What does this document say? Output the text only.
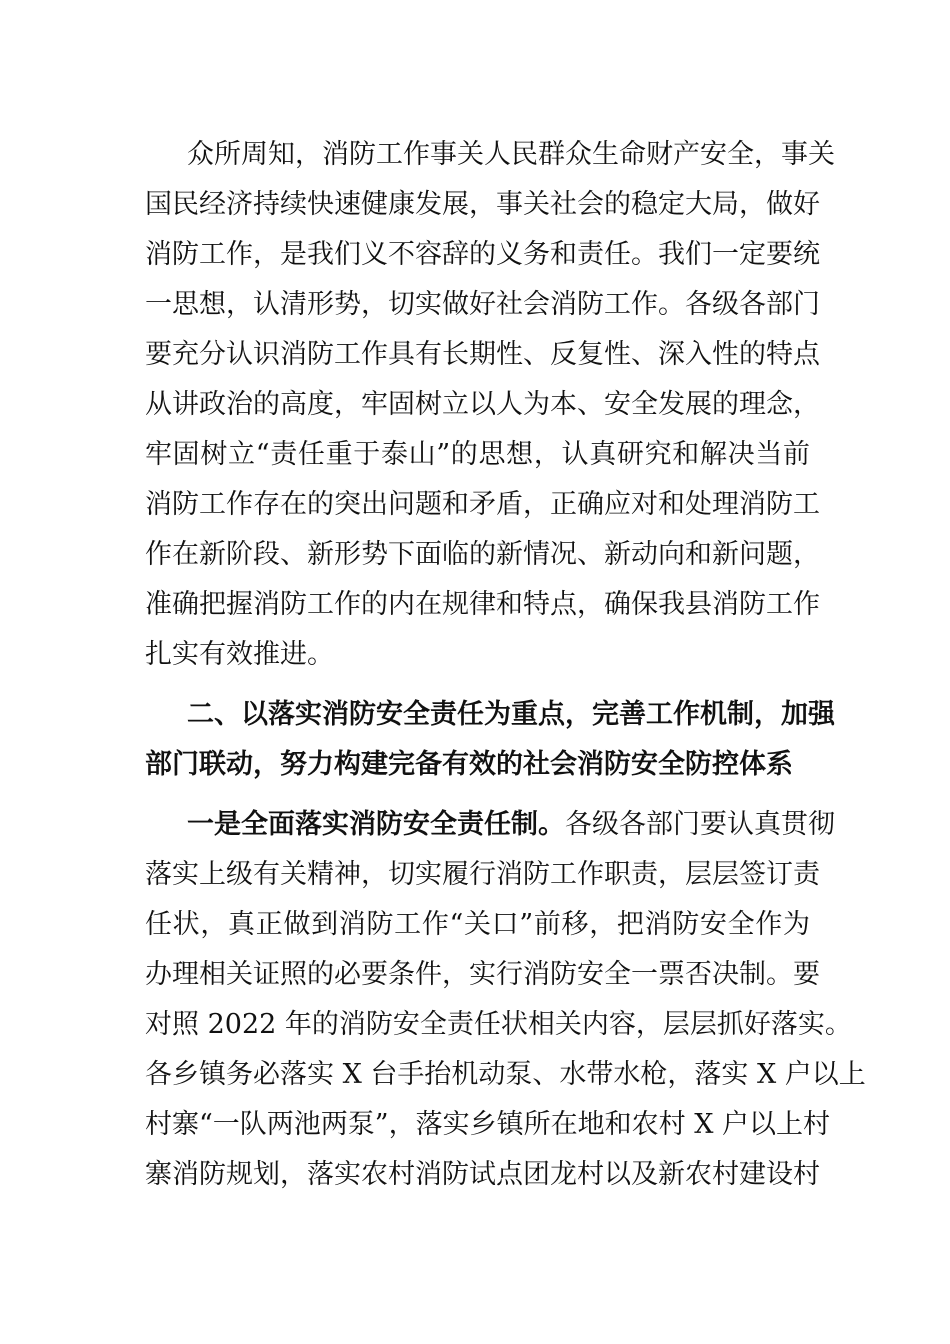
众所周知，消防工作事关人民群众生命财产安全，事关
国民经济持续快速健康发展，事关社会的稳定大局，做好
消防工作，是我们义不容辞的义务和责任。我们一定要统
一思想，认清形势，切实做好社会消防工作。各级各部门
要充分认识消防工作具有长期性、反复性、深入性的特点
从讲政治的高度，牢固树立以人为本、安全发展的理念，
牢固树立“责任重于泰山”的思想，认真研究和解决当前
消防工作存在的突出问题和矛盾，正确应对和处理消防工
作在新阶段、新形势下面临的新情况、新动向和新问题，
准确把握消防工作的内在规律和特点，确保我县消防工作
扎实有效推进。
二、以落实消防安全责任为重点，完善工作机制，加强
部门联动，努力构建完备有效的社会消防安全防控体系
一是全面落实消防安全责任制。各级各部门要认真贯彻
落实上级有关精神，切实履行消防工作职责，层层签订责
任状，真正做到消防工作“关口”前移，把消防安全作为
办理相关证照的必要条件，实行消防安全一票否决制。要
对照 2022 年的消防安全责任状相关内容，层层抓好落实。
各乡镇务必落实 X 台手抬机动泵、水带水枪，落实 X 户以上
村寨“一队两池两泵”，落实乡镇所在地和农村 X 户以上村
寨消防规划，落实农村消防试点团龙村以及新农村建设村
